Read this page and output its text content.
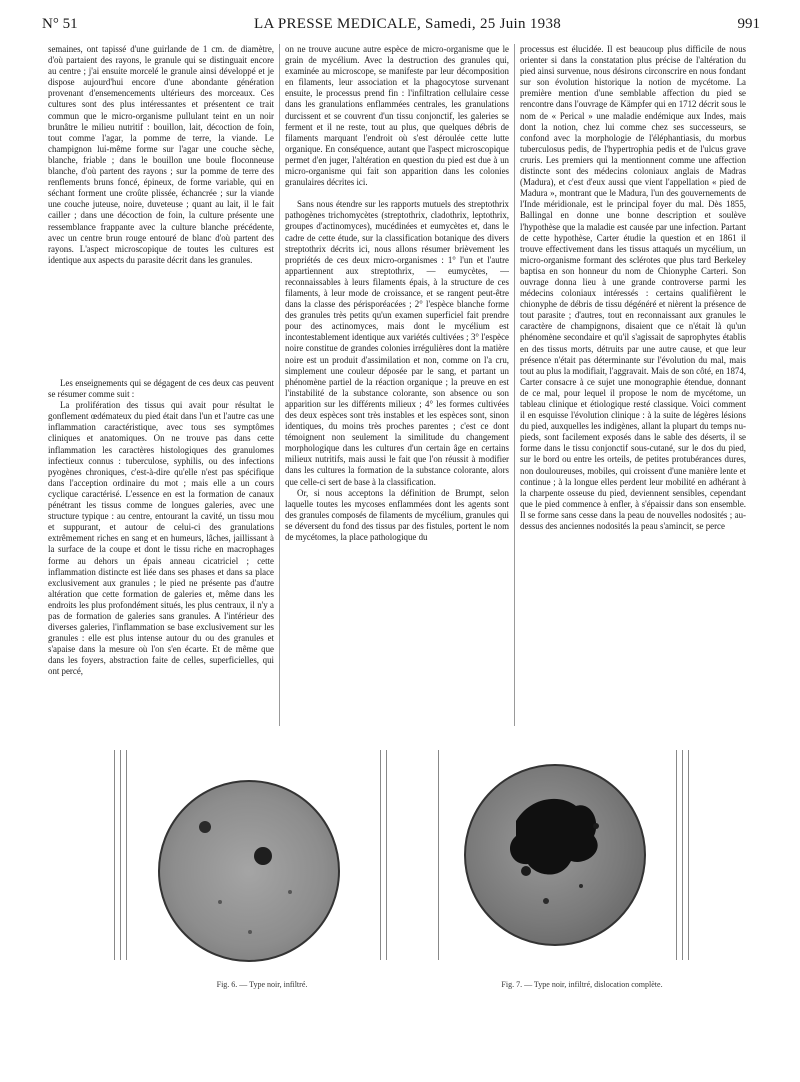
N° 51	LA PRESSE MEDICALE, Samedi, 25 Juin 1938	991

semaines, ont tapissé d'une guirlande de 1 cm. de diamètre, d'où partaient des rayons, le granule qui se distinguait encore au centre ; j'ai ensuite morcelé le granule ainsi développé et je dispose aujourd'hui encore d'une abondante génération provenant d'ensemencements ultérieurs des morceaux. Ces cultures sont des plus intéressantes et présentent ce trait commun que le micro-organisme pullulant teint en un noir brunâtre le milieu nutritif : bouillon, lait, décoction de foin, tout comme l'agar, la pomme de terre, la viande. Le champignon lui-même forme sur l'agar une couche sèche, blanche, friable ; dans le bouillon une boule floconneuse blanche, d'où partent des rayons ; sur la pomme de terre des renflements bruns foncé, épineux, de forme variable, qui en séchant forment une croûte plissée, échancrée ; sur la viande une couche juteuse, noire, duveteuse ; quant au lait, il le fait cailler ; dans une décoction de foin, la culture présente une ressemblance frappante avec la culture blanche précédente, avec un centre brun rouge entouré de blanc d'où partent des rayons. L'aspect microscopique de toutes les cultures est identique aux aspects du parasite décrit dans les granules.

Les enseignements qui se dégagent de ces deux cas peuvent se résumer comme suit :

La prolifération des tissus qui avait pour résultat le gonflement œdémateux du pied était dans l'un et l'autre cas une inflammation caractéristique, avec tous ses symptômes cliniques et anatomiques. On ne trouve pas dans cette inflammation les caractères histologiques des granulomes infectieux connus : tuberculose, syphilis, ou des infections pyogènes chroniques, c'est-à-dire qu'elle n'est pas spécifique dans l'acception ordinaire du mot ; mais elle a un cours cyclique caractérisé. L'essence en est la formation de canaux pénétrant les tissus comme de longues galeries, avec une structure typique : au centre, entourant la cavité, un tissu mou et suppurant, et autour de celui-ci des granulations extrêmement riches en sang et en humeurs, lâches, jaillissant à la surface de la coupe et dont le tissu riche en macrophages forme au dehors un épais anneau cicatriciel ; cette inflammation distincte est liée dans ses phases et dans sa place exclusivement aux granules ; le pied ne présente pas d'autre altération que cette formation de galeries et, même dans les endroits les plus profondément situés, les plus centraux, il n'y a pas de formation de galeries sans granules. A l'intérieur des diverses galeries, l'inflammation se base exclusivement sur les granules : elle est plus intense autour du ou des granules et s'apaise dans la mesure où l'on s'en écarte. Et de même que dans les foyers, abstraction faite de celles, superficielles, qui ont percé,

on ne trouve aucune autre espèce de micro-organisme que le grain de mycélium. Avec la destruction des granules qui, examinée au microscope, se manifeste par leur décomposition en filaments, leur association et la phagocytose survenant ensuite, le processus prend fin : l'infiltration cellulaire cesse dans les granulations enflammées centrales, les granulations durcissent et se couvrent d'un tissu conjonctif, les galeries se ferment et il ne reste, tout au plus, que quelques débris de filaments marquant l'endroit où s'est déroulée cette lutte organique. En conséquence, autant que l'aspect microscopique permet d'en juger, l'altération en question du pied est due à un micro-organisme qui fait son apparition dans les colonies granulaires décrites ici.

Sans nous étendre sur les rapports mutuels des streptothrix pathogènes trichomycètes (streptothrix, cladothrix, leptothrix, groupes d'actinomyces), mucédinées et eumycètes et, dans le cadre de cette étude, sur la classification botanique des divers streptothrix décrits ici, nous allons résumer brièvement les propriétés de ces deux micro-organismes : 1° l'un et l'autre appartiennent aux streptothrix, — eumycètes, — reconnaissables à leurs filaments épais, à la structure de ces filaments, à leur mode de croissance, et se rangent peut-être dans la classe des périsporéacées ; 2° l'espèce blanche forme des granules très petits qu'un examen superficiel fait prendre pour des actinomyces, mais dont le mycélium est incontestablement identique aux variétés cultivées ; 3° l'espèce noire constitue de grandes colonies irrégulières dont la matière noire est un produit d'assimilation et non, comme on l'a cru, simplement une couleur déposée par le sang, et partant un phénomène partiel de la réaction organique ; la preuve en est l'instabilité de la substance colorante, son absence ou son apparition sur les différents milieux ; 4° les formes cultivées des deux espèces sont très instables et les espèces sont, sinon identiques, du moins très proches parentes ; c'est ce dont témoignent non seulement la similitude du changement morphologique dans les cultures d'un certain âge en certains milieux nutritifs, mais aussi le fait que l'on réussit à modifier dans les cultures la formation de la substance colorante, alors que celle-ci sert de base à la classification.

Or, si nous acceptons la définition de Brumpt, selon laquelle toutes les mycoses enflammées dont les agents sont des granules composés de filaments de mycélium, granules qui se déversent du fond des tissus par des fistules, portent le nom de mycétomes, la place pathologique du

processus est élucidée. Il est beaucoup plus difficile de nous orienter si dans la constatation plus précise de l'altération du pied ainsi survenue, nous désirons circonscrire en nous fondant sur son évolution historique la notion de mycétome. La première mention d'une semblable affection du pied se rencontre dans l'ouvrage de Kämpfer qui en 1712 décrit sous le nom de « Perical » une maladie endémique aux Indes, mais dont la notion, chez lui comme chez ses successeurs, se confond avec la morphologie de l'éléphantiasis, du morbus tuberculosus pedis, de l'hypertrophia pedis et de l'ulcus grave cruris. Les premiers qui la mentionnent comme une affection distincte sont des médecins coloniaux anglais de Madras (Madura), et c'est d'eux aussi que vient l'appellation « pied de Madura », montrant que le Madura, l'un des gouvernements de l'Inde méridionale, est le principal foyer du mal. Dès 1855, Ballingal en donne une bonne description et soulève l'hypothèse que la maladie est causée par une infection. Partant de cette hypothèse, Carter étudie la question et en 1861 il trouve effectivement dans les tissus attaqués un mycélium, un micro-organisme formant des sclérotes que plus tard Berkeley baptisa en son honneur du nom de Chionyphe Carteri. Son ouvrage donna lieu à une grande controverse parmi les médecins coloniaux intéressés : certains qualifièrent le chionyphe de débris de tissu dégénéré et nièrent la présence de tout parasite ; d'autres, tout en reconnaissant aux granules le caractère de champignons, disaient que ce n'était là qu'un phénomène secondaire et qu'il s'agissait de saprophytes établis en des tissus morts, détruits par une autre cause, et que leur présence n'était pas déterminante sur l'évolution du mal, mais tout au plus la modifiait, l'aggravait. Mais de son côté, en 1874, Carter consacre à ce sujet une monographie étendue, donnant de ce mal, pour lequel il propose le nom de mycétome, un tableau clinique et étiologique resté classique. Voici comment il en esquisse l'évolution clinique : à la suite de légères lésions du pied, auxquelles les indigènes, allant la plupart du temps nu-pieds, sont facilement exposés dans le sable des déserts, il se forme dans le tissu conjonctif sous-cutané, sur le dos du pied, sur le bord ou entre les orteils, de petites protubérances dures, non douloureuses, mobiles, qui croissent d'une manière lente et continue ; à la longue elles perdent leur mobilité en adhérant à la charpente osseuse du pied, deviennent sensibles, cependant que le pied commence à enfler, à s'épaissir dans son ensemble. Il se forme sans cesse dans la peau de nouvelles nodosités ; au-dessus des anciennes nodosités la peau s'amincit, se perce

Fig. 6. — Type noir, infiltré.	Fig. 7. — Type noir, infiltré, dislocation complète.
